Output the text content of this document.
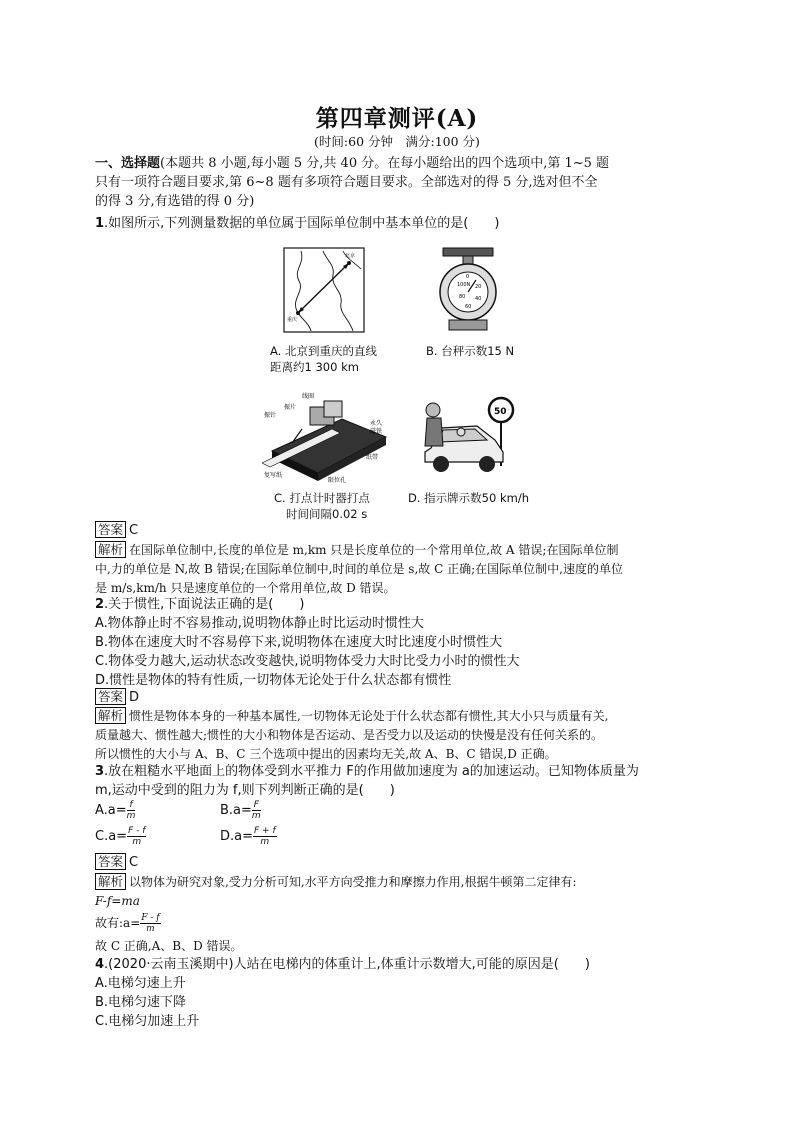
第四章测评(A)
(时间:60 分钟　满分:100 分)
一、选择题(本题共 8 小题,每小题 5 分,共 40 分。在每小题给出的四个选项中,第 1~5 题
只有一项符合题目要求,第 6~8 题有多项符合题目要求。全部选对的得 5 分,选对但不全
的得 3 分,有选错的得 0 分)
1.如图所示,下列测量数据的单位属于国际单位制中基本单位的是(　　)
北京
重庆
A. 北京到重庆的直线
距离约1 300 km
100N
80
20
40
60
0
B. 台秤示数15 N
线圈
振片
振针
永久
磁铁
纸带
复写纸
限位孔
C. 打点计时器打点
时间间隔0.02 s
50
D. 指示牌示数50 km/h
答案 C
解析 在国际单位制中,长度的单位是 m,km 只是长度单位的一个常用单位,故 A 错误;在国际单位制
中,力的单位是 N,故 B 错误;在国际单位制中,时间的单位是 s,故 C 正确;在国际单位制中,速度的单位
是 m/s,km/h 只是速度单位的一个常用单位,故 D 错误。
2.关于惯性,下面说法正确的是(　　)
A.物体静止时不容易推动,说明物体静止时比运动时惯性大
B.物体在速度大时不容易停下来,说明物体在速度大时比速度小时惯性大
C.物体受力越大,运动状态改变越快,说明物体受力大时比受力小时的惯性大
D.惯性是物体的特有性质,一切物体无论处于什么状态都有惯性
答案 D
解析 惯性是物体本身的一种基本属性,一切物体无论处于什么状态都有惯性,其大小只与质量有关,
质量越大、惯性越大;惯性的大小和物体是否运动、是否受力以及运动的快慢是没有任何关系的。
所以惯性的大小与 A、B、C 三个选项中提出的因素均无关,故 A、B、C 错误,D 正确。
3.放在粗糙水平地面上的物体受到水平推力 F的作用做加速度为 a的加速运动。已知物体质量为
m,运动中受到的阻力为 f,则下列判断正确的是(　　)
$A.a= \frac{f}{m}$	$B.a= \frac{F}{m}$
$C.a= \frac{F - f}{m}$	$D.a= \frac{F + f}{m}$
答案 C
解析 以物体为研究对象,受力分析可知,水平方向受推力和摩擦力作用,根据牛顿第二定律有:
F-f=ma
故有:a= $\frac{F - f}{m}$
故 C 正确,A、B、D 错误。
4.(2020·云南玉溪期中)人站在电梯内的体重计上,体重计示数增大,可能的原因是(　　)
A.电梯匀速上升
B.电梯匀速下降
C.电梯匀加速上升
